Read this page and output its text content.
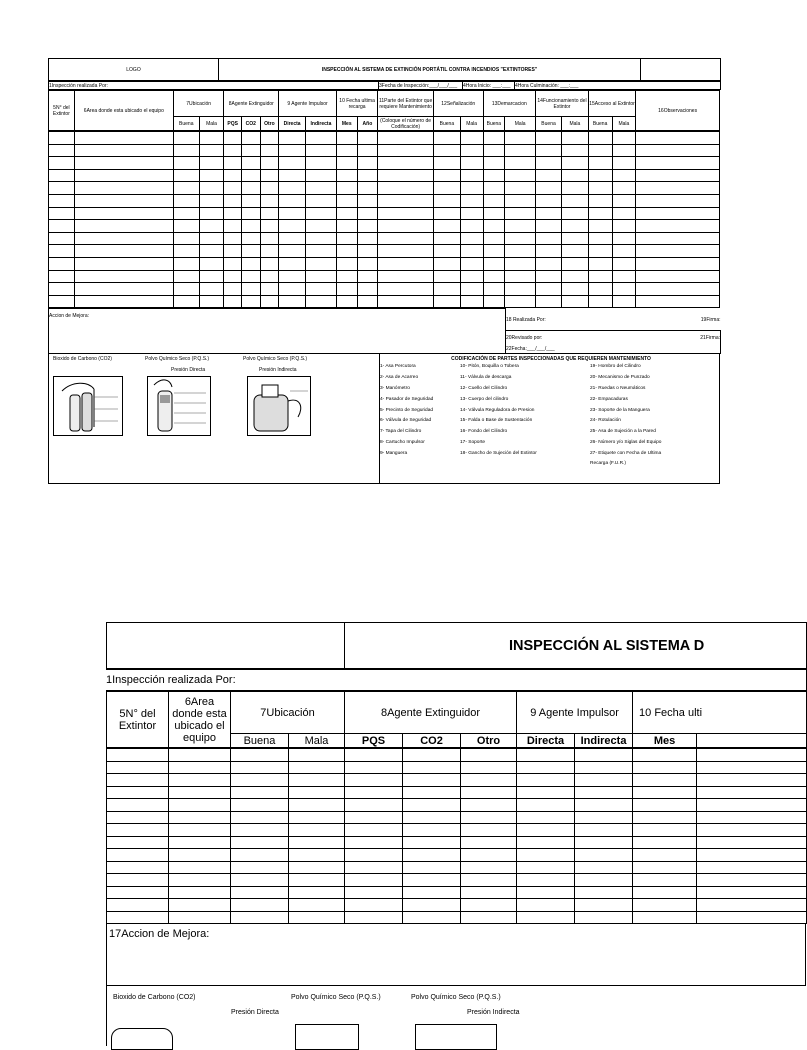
LOGO	INSPECCIÓN AL SISTEMA DE EXTINCIÓN PORTÁTIL CONTRA INCENDIOS "EXTINTORES"	
1Inspección realizada Por:	3Fecha de Inspección:___/___/___	4Hora Inicio: ___:___	4Hora Culminación: ___:___
5N° del Extintor	6Area donde esta ubicado el equipo	7Ubicación		8Agente Extinguidor			9 Agente Impulsor		10 Fecha ultima recarga		11Parte del Extintor que requiere Mantenimiento	12Señalización		13Demarcacion		14Funcionamiento del Extintor		15Acceso al Extintor		16Observaciones
		Buena	Mala	PQS	CO2	Otro	Directa	Indirecta	Mes	Año	(Coloque el número de Codificación)	Buena	Mala	Buena	Mala	Buena	Mala	Buena	Mala	

Accion de Mejora:	18 Realizada Por:	19Firma:
	20Revisado por:	21Firma:
	22Fecha:___/___/___	
Bioxido de Carbono (CO2)	Polvo Químico Seco (P.Q.S.)
Presión Directa
Polvo Químico Seco (P.Q.S.)
Presión Indirecta
CODIFICACIÓN DE PARTES INSPECCIONADAS QUE REQUIEREN MANTENIMIENTO
1- Asa Percutora
2- Asa de Acarreo
3- Manómetro
4- Pasador de Seguridad
5- Precinto de Seguridad
6- Válvula de Seguridad
7- Tapa del Cilindro
8- Cartucho Impulsor
9- Manguera
10- Pitón, Boquilla o Tobera
11- Válvula de descarga
12- Cuello del Cilindro
13- Cuerpo del cilindro
14- Válvula Reguladora de Presion
15- Falda o Base de Sustentación
16- Fondo del Cilindro
17- Soporte
18- Gancho de Sujeción del Extintor
19- Hombro del Cilindro
20- Mecanismo de Punzado
21- Ruedas o Neumáticos
22- Empacaduras
23- Soporte de la Manguera
24- Rotulación
25- Asa de Sujeción a la Pared
26- Número y/o Siglas del Equipo
27- Etiquete con Fecha de Ultima
Recarga (F.U.R.)
	INSPECCIÓN AL SISTEMA D
1Inspección realizada Por:
5N° del Extintor	6Area donde esta ubicado el equipo	7Ubicación		8Agente Extinguidor			9 Agente Impulsor		10 Fecha ulti	
		Buena	Mala	PQS	CO2	Otro	Directa	Indirecta	Mes	

17Accion de Mejora:
Bioxido de Carbono (CO2)	Polvo Químico Seco (P.Q.S.)
Presión Directa
Polvo Químico Seco (P.Q.S.)
Presión Indirecta
